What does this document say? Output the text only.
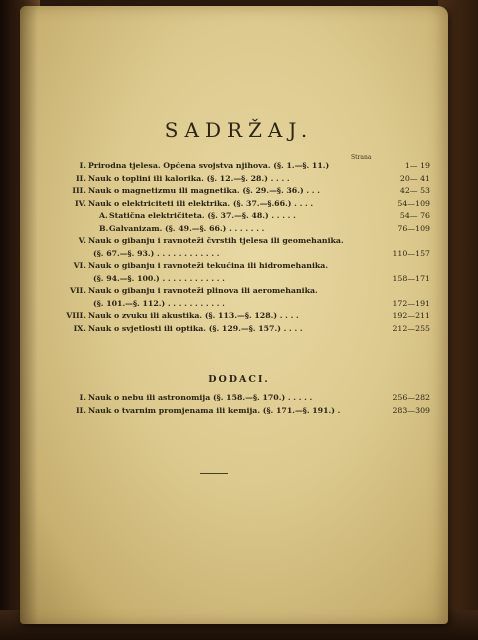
SADRŽAJ.
Strana
I. Prirodna tjelesa. Općena svojstva njihova. (§. 1.—§. 11.)	1— 19
II. Nauk o toplini ili kalorika. (§. 12.—§. 28.) . . . .	20— 41
III. Nauk o magnetizmu ili magnetika. (§. 29.—§. 36.) . . .	42— 53
IV. Nauk o elektriciteti ili elektrika. (§. 37.—§.66.) . . . .	54—109
A. Statična električiteta. (§. 37.—§. 48.) . . . . .	54— 76
B. Galvanizam. (§. 49.—§. 66.) . . . . . . .	76—109
V. Nauk o gibanju i ravnoteži čvrstih tjelesa ili geomehanika.
(§. 67.—§. 93.) . . . . . . . . . . . .	110—157
VI. Nauk o gibanju i ravnoteži tekućina ili hidromehanika.
(§. 94.—§. 100.) . . . . . . . . . . . .	158—171
VII. Nauk o gibanju i ravnoteži plinova ili aeromehanika.
(§. 101.—§. 112.) . . . . . . . . . . .	172—191
VIII. Nauk o zvuku ili akustika. (§. 113.—§. 128.) . . . .	192—211
IX. Nauk o svjetlosti ili optika. (§. 129.—§. 157.) . . . .	212—255
DODACI.
I. Nauk o nebu ili astronomija (§. 158.—§. 170.) . . . . .	256—282
II. Nauk o tvarnim promjenama ili kemija. (§. 171.—§. 191.) .	283—309
